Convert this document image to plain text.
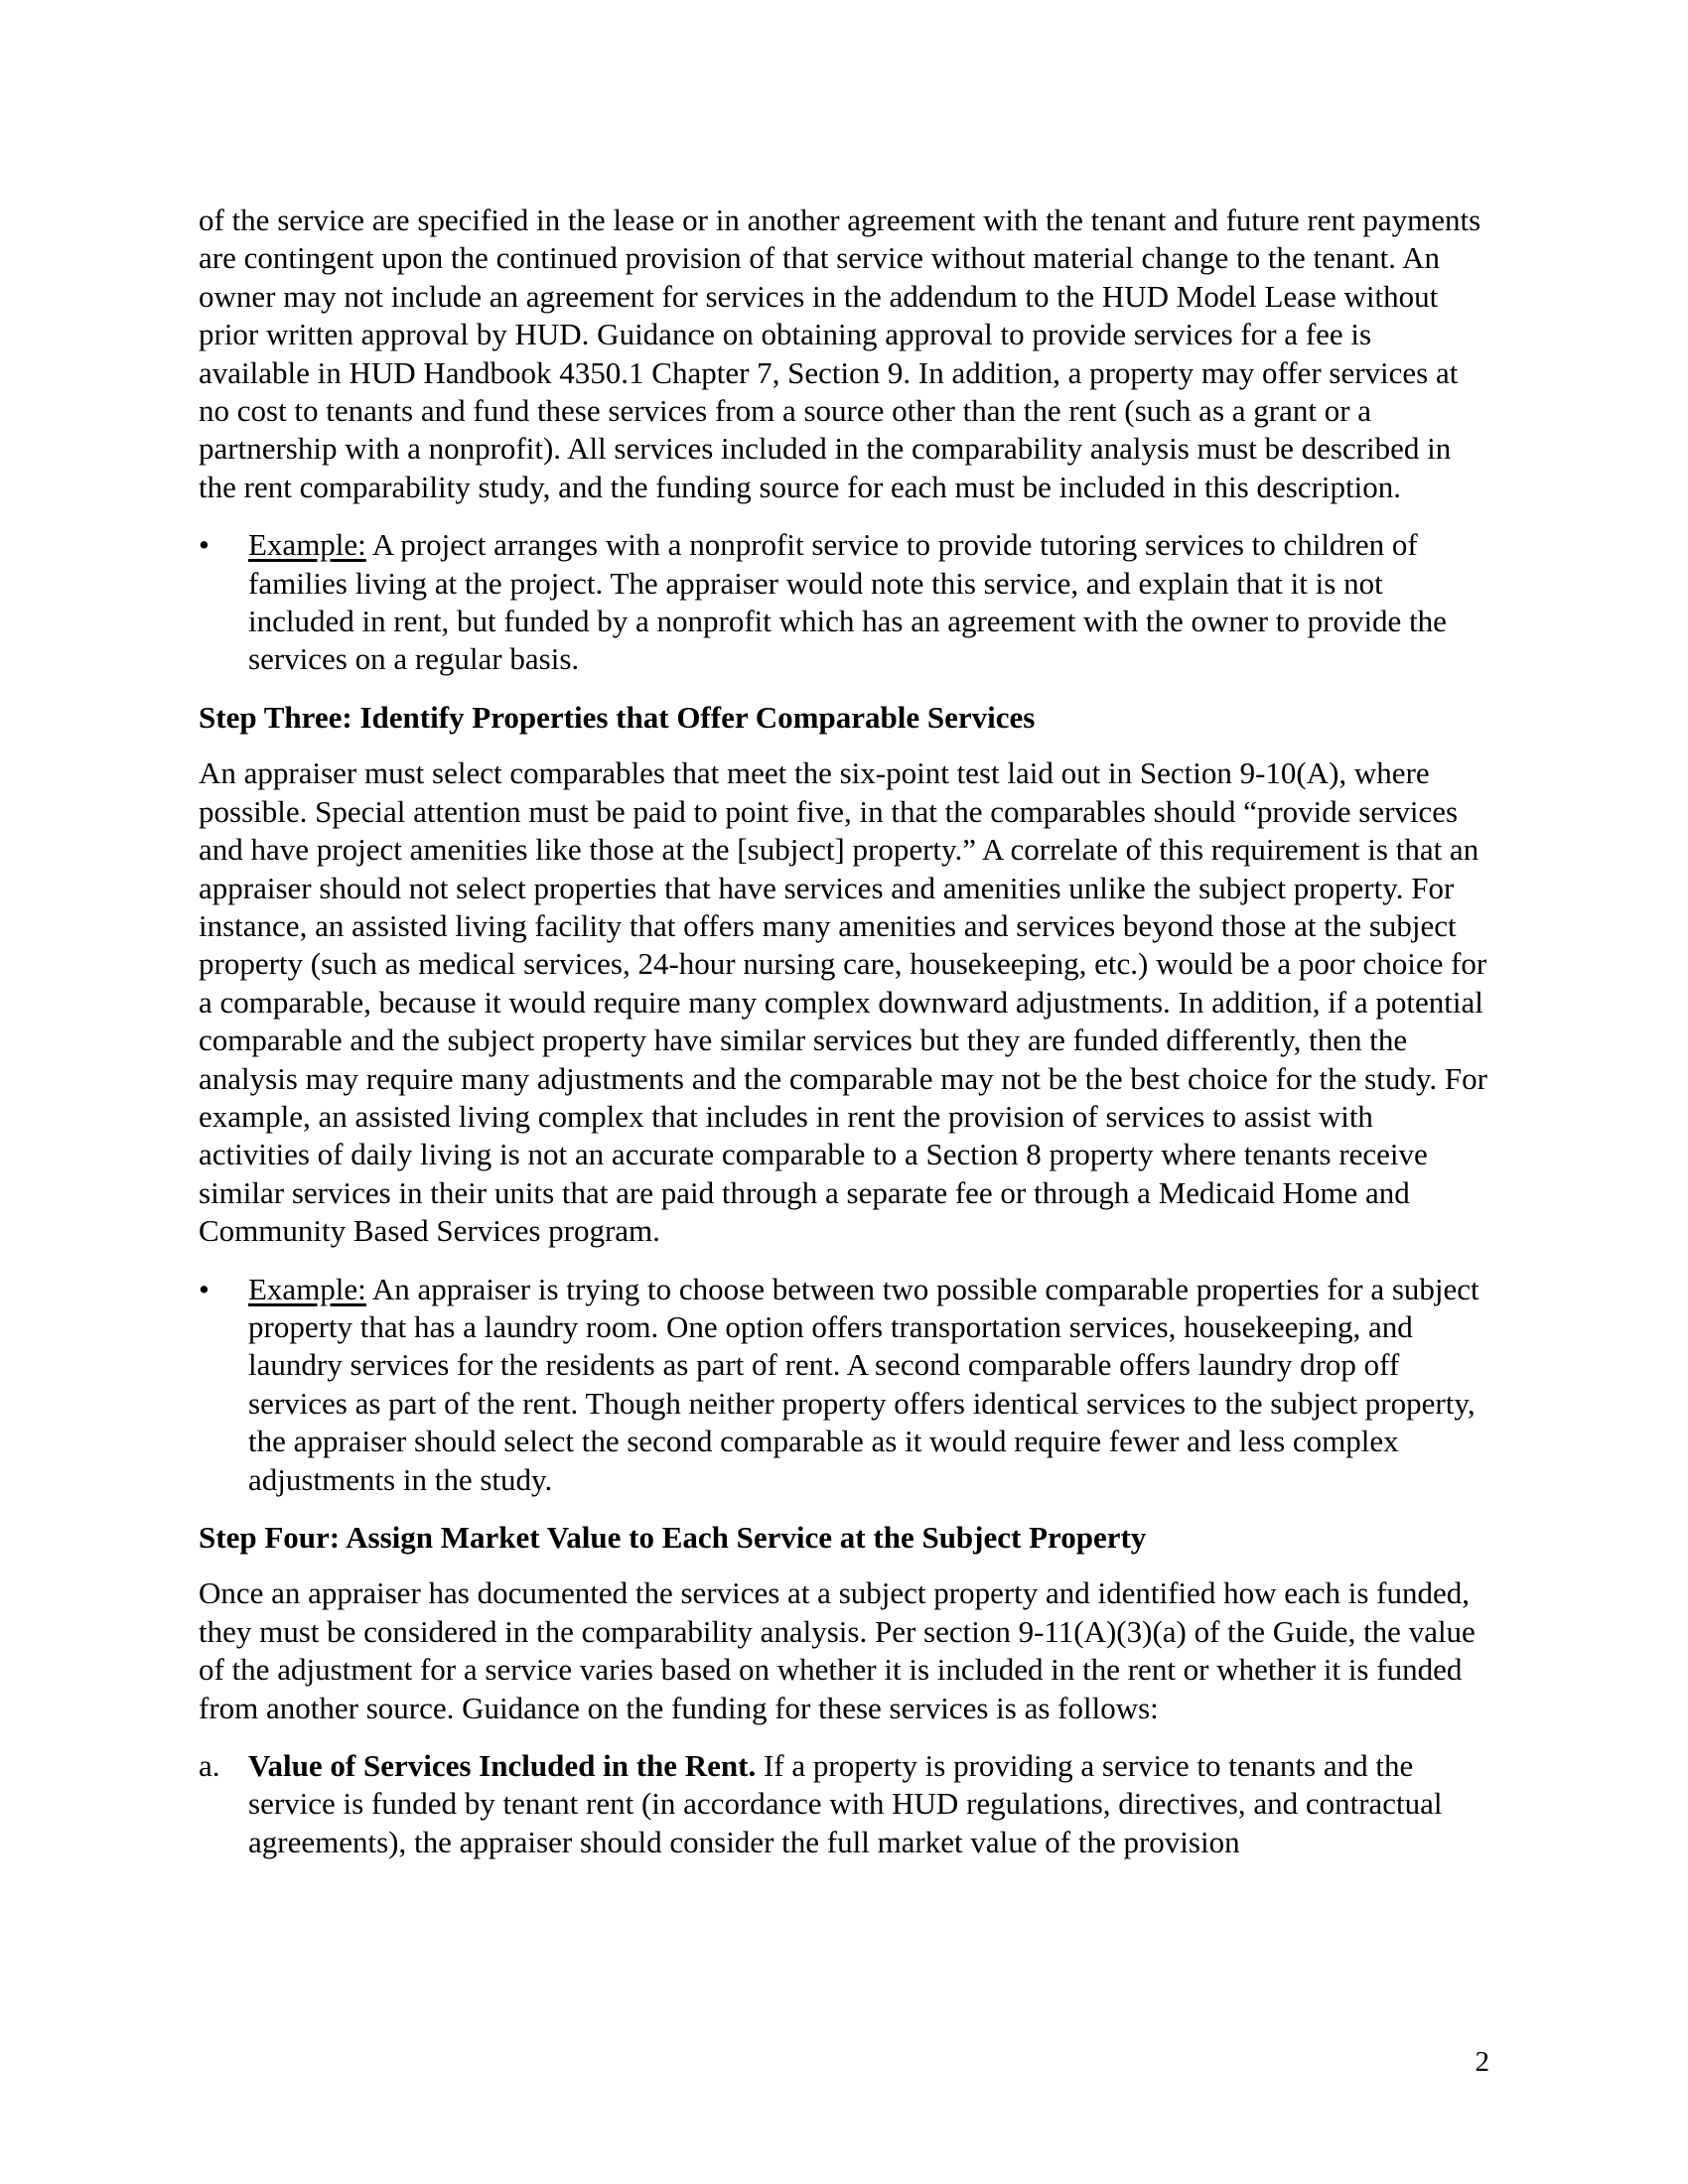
of the service are specified in the lease or in another agreement with the tenant and future rent payments are contingent upon the continued provision of that service without material change to the tenant. An owner may not include an agreement for services in the addendum to the HUD Model Lease without prior written approval by HUD. Guidance on obtaining approval to provide services for a fee is available in HUD Handbook 4350.1 Chapter 7, Section 9. In addition, a property may offer services at no cost to tenants and fund these services from a source other than the rent (such as a grant or a partnership with a nonprofit). All services included in the comparability analysis must be described in the rent comparability study, and the funding source for each must be included in this description.

•	Example: A project arranges with a nonprofit service to provide tutoring services to children of families living at the project. The appraiser would note this service, and explain that it is not included in rent, but funded by a nonprofit which has an agreement with the owner to provide the services on a regular basis.

Step Three: Identify Properties that Offer Comparable Services

An appraiser must select comparables that meet the six-point test laid out in Section 9-10(A), where possible. Special attention must be paid to point five, in that the comparables should “provide services and have project amenities like those at the [subject] property.” A correlate of this requirement is that an appraiser should not select properties that have services and amenities unlike the subject property. For instance, an assisted living facility that offers many amenities and services beyond those at the subject property (such as medical services, 24-hour nursing care, housekeeping, etc.) would be a poor choice for a comparable, because it would require many complex downward adjustments. In addition, if a potential comparable and the subject property have similar services but they are funded differently, then the analysis may require many adjustments and the comparable may not be the best choice for the study. For example, an assisted living complex that includes in rent the provision of services to assist with activities of daily living is not an accurate comparable to a Section 8 property where tenants receive similar services in their units that are paid through a separate fee or through a Medicaid Home and Community Based Services program.

•	Example: An appraiser is trying to choose between two possible comparable properties for a subject property that has a laundry room. One option offers transportation services, housekeeping, and laundry services for the residents as part of rent. A second comparable offers laundry drop off services as part of the rent. Though neither property offers identical services to the subject property, the appraiser should select the second comparable as it would require fewer and less complex adjustments in the study.

Step Four: Assign Market Value to Each Service at the Subject Property

Once an appraiser has documented the services at a subject property and identified how each is funded, they must be considered in the comparability analysis. Per section 9-11(A)(3)(a) of the Guide, the value of the adjustment for a service varies based on whether it is included in the rent or whether it is funded from another source. Guidance on the funding for these services is as follows:

a. Value of Services Included in the Rent. If a property is providing a service to tenants and the service is funded by tenant rent (in accordance with HUD regulations, directives, and contractual agreements), the appraiser should consider the full market value of the provision
2
